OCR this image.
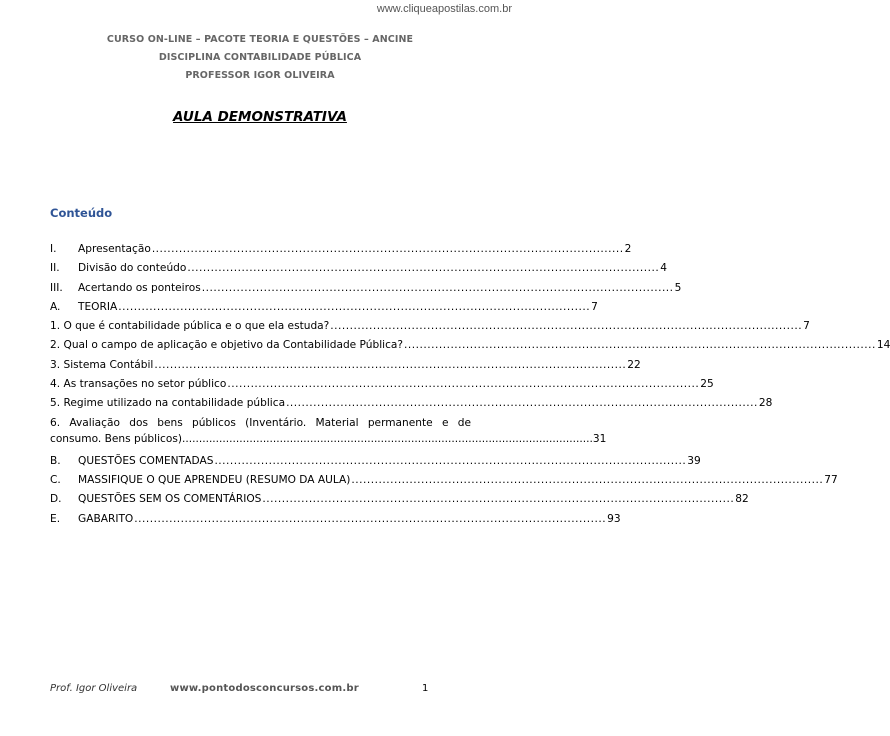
www.cliqueapostilas.com.br
CURSO ON-LINE – PACOTE TEORIA E QUESTÕES – ANCINE
DISCIPLINA CONTABILIDADE PÚBLICA
PROFESSOR IGOR OLIVEIRA
AULA DEMONSTRATIVA
Conteúdo
I. Apresentação .......................................................................................................................... 2
II. Divisão do conteúdo .......................................................................................................................... 4
III. Acertando os ponteiros .......................................................................................................................... 5
A. TEORIA .......................................................................................................................... 7
1. O que é contabilidade pública e o que ela estuda? .......................................................................................................................... 7
2. Qual o campo de aplicação e objetivo da Contabilidade Pública? .......................................................................................................................... 14
3. Sistema Contábil .......................................................................................................................... 22
4. As transações no setor público .......................................................................................................................... 25
5. Regime utilizado na contabilidade pública .......................................................................................................................... 28
6. Avaliação dos bens públicos (Inventário. Material permanente e de
consumo. Bens públicos) .......................................................................................................................... 31
B. QUESTÕES COMENTADAS .......................................................................................................................... 39
C. MASSIFIQUE O QUE APRENDEU (RESUMO DA AULA) .......................................................................................................................... 77
D. QUESTÕES SEM OS COMENTÁRIOS .......................................................................................................................... 82
E. GABARITO .......................................................................................................................... 93
Prof. Igor Oliveira	www.pontodosconcursos.com.br	1
